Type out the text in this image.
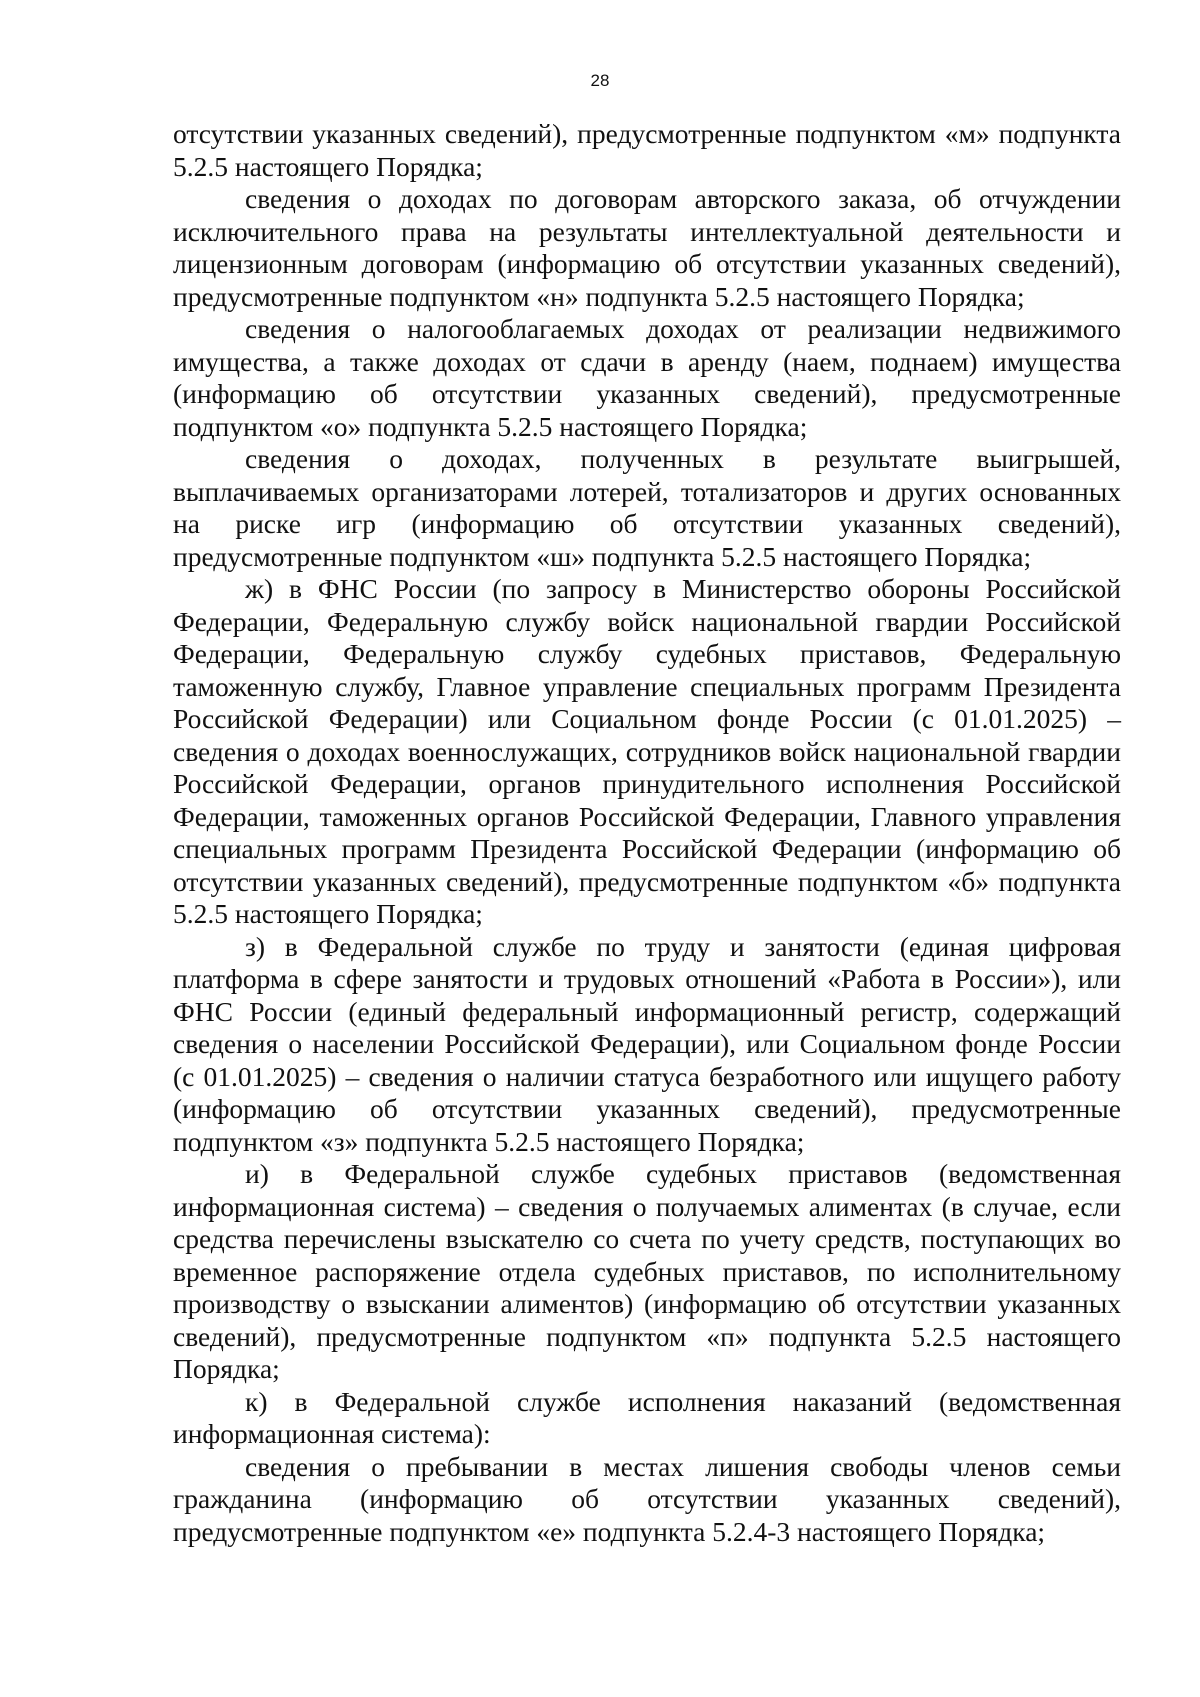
28

отсутствии указанных сведений), предусмотренные подпунктом «м» подпункта 5.2.5 настоящего Порядка;

сведения о доходах по договорам авторского заказа, об отчуждении исключительного права на результаты интеллектуальной деятельности и лицензионным договорам (информацию об отсутствии указанных сведений), предусмотренные подпунктом «н» подпункта 5.2.5 настоящего Порядка;

сведения о налогооблагаемых доходах от реализации недвижимого имущества, а также доходах от сдачи в аренду (наем, поднаем) имущества (информацию об отсутствии указанных сведений), предусмотренные подпунктом «о» подпункта 5.2.5 настоящего Порядка;

сведения о доходах, полученных в результате выигрышей, выплачиваемых организаторами лотерей, тотализаторов и других основанных на риске игр (информацию об отсутствии указанных сведений), предусмотренные подпунктом «ш» подпункта 5.2.5 настоящего Порядка;

ж) в ФНС России (по запросу в Министерство обороны Российской Федерации, Федеральную службу войск национальной гвардии Российской Федерации, Федеральную службу судебных приставов, Федеральную таможенную службу, Главное управление специальных программ Президента Российской Федерации) или Социальном фонде России (с 01.01.2025) – сведения о доходах военнослужащих, сотрудников войск национальной гвардии Российской Федерации, органов принудительного исполнения Российской Федерации, таможенных органов Российской Федерации, Главного управления специальных программ Президента Российской Федерации (информацию об отсутствии указанных сведений), предусмотренные подпунктом «б» подпункта 5.2.5 настоящего Порядка;

з) в Федеральной службе по труду и занятости (единая цифровая платформа в сфере занятости и трудовых отношений «Работа в России»), или ФНС России (единый федеральный информационный регистр, содержащий сведения о населении Российской Федерации), или Социальном фонде России (с 01.01.2025) – сведения о наличии статуса безработного или ищущего работу (информацию об отсутствии указанных сведений), предусмотренные подпунктом «з» подпункта 5.2.5 настоящего Порядка;

и) в Федеральной службе судебных приставов (ведомственная информационная система) – сведения о получаемых алиментах (в случае, если средства перечислены взыскателю со счета по учету средств, поступающих во временное распоряжение отдела судебных приставов, по исполнительному производству о взыскании алиментов) (информацию об отсутствии указанных сведений), предусмотренные подпунктом «п» подпункта 5.2.5 настоящего Порядка;

к) в Федеральной службе исполнения наказаний (ведомственная информационная система):

сведения о пребывании в местах лишения свободы членов семьи гражданина (информацию об отсутствии указанных сведений), предусмотренные подпунктом «е» подпункта 5.2.4-3 настоящего Порядка;
